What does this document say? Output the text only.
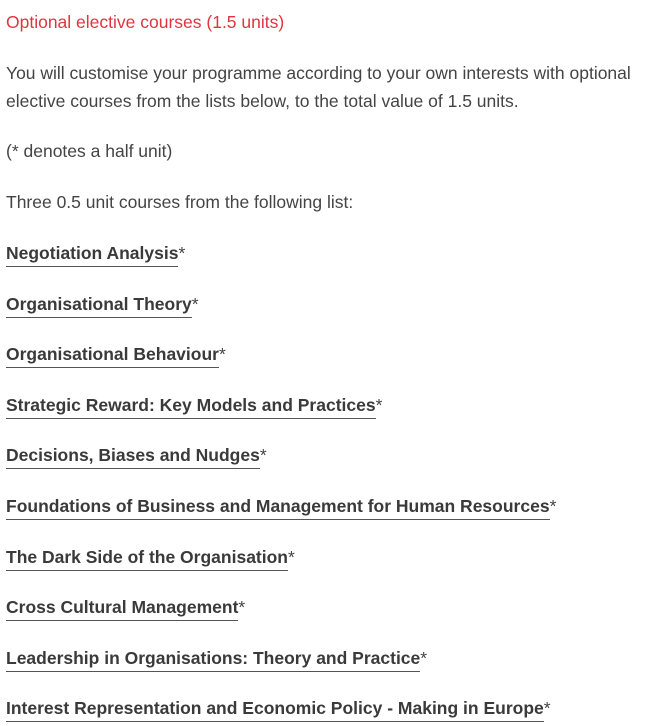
Optional elective courses (1.5 units)

You will customise your programme according to your own interests with optional elective courses from the lists below, to the total value of 1.5 units.

(* denotes a half unit)

Three 0.5 unit courses from the following list:

Negotiation Analysis*
Organisational Theory*
Organisational Behaviour*
Strategic Reward: Key Models and Practices*
Decisions, Biases and Nudges*
Foundations of Business and Management for Human Resources*
The Dark Side of the Organisation*
Cross Cultural Management*
Leadership in Organisations: Theory and Practice*
Interest Representation and Economic Policy - Making in Europe*
